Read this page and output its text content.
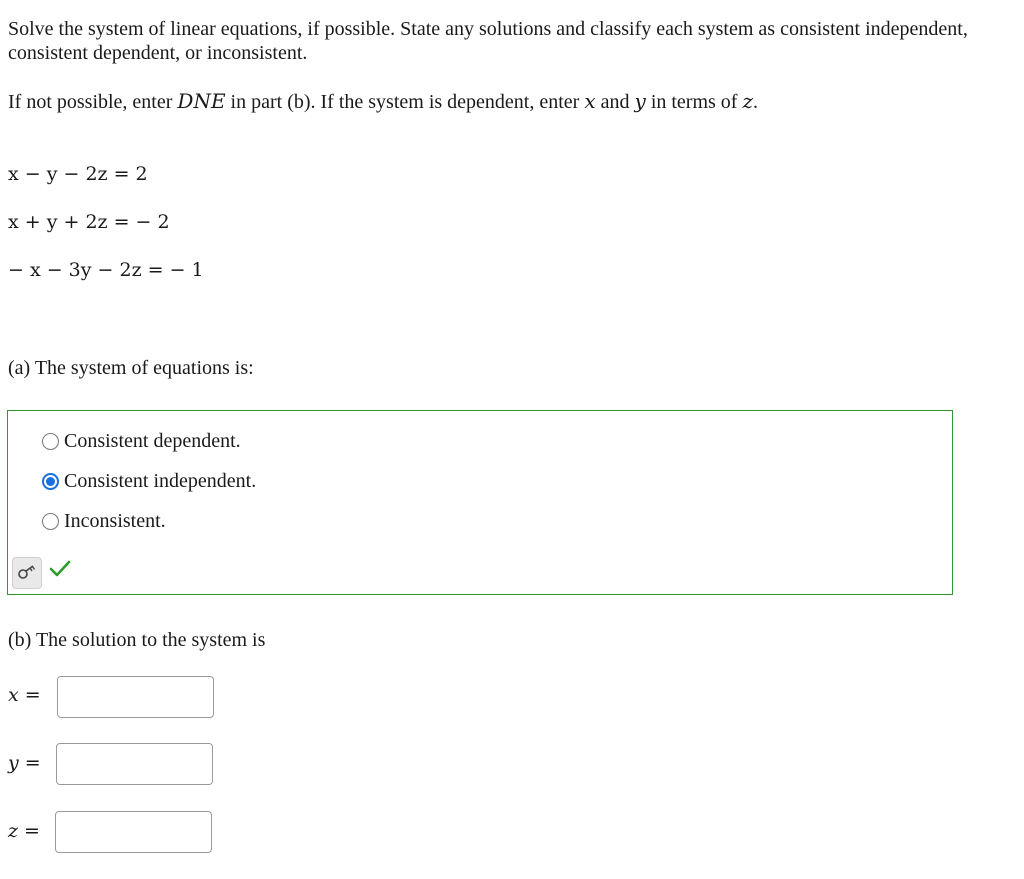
Solve the system of linear equations, if possible. State any solutions and classify each system as consistent independent, consistent dependent, or inconsistent.
If not possible, enter DNE in part (b). If the system is dependent, enter x and y in terms of z.
x − y − 2z = 2
x + y + 2z = − 2
− x − 3y − 2z = − 1
(a) The system of equations is:
Consistent dependent.
Consistent independent.
Inconsistent.
(b) The solution to the system is
x =
y =
z =
